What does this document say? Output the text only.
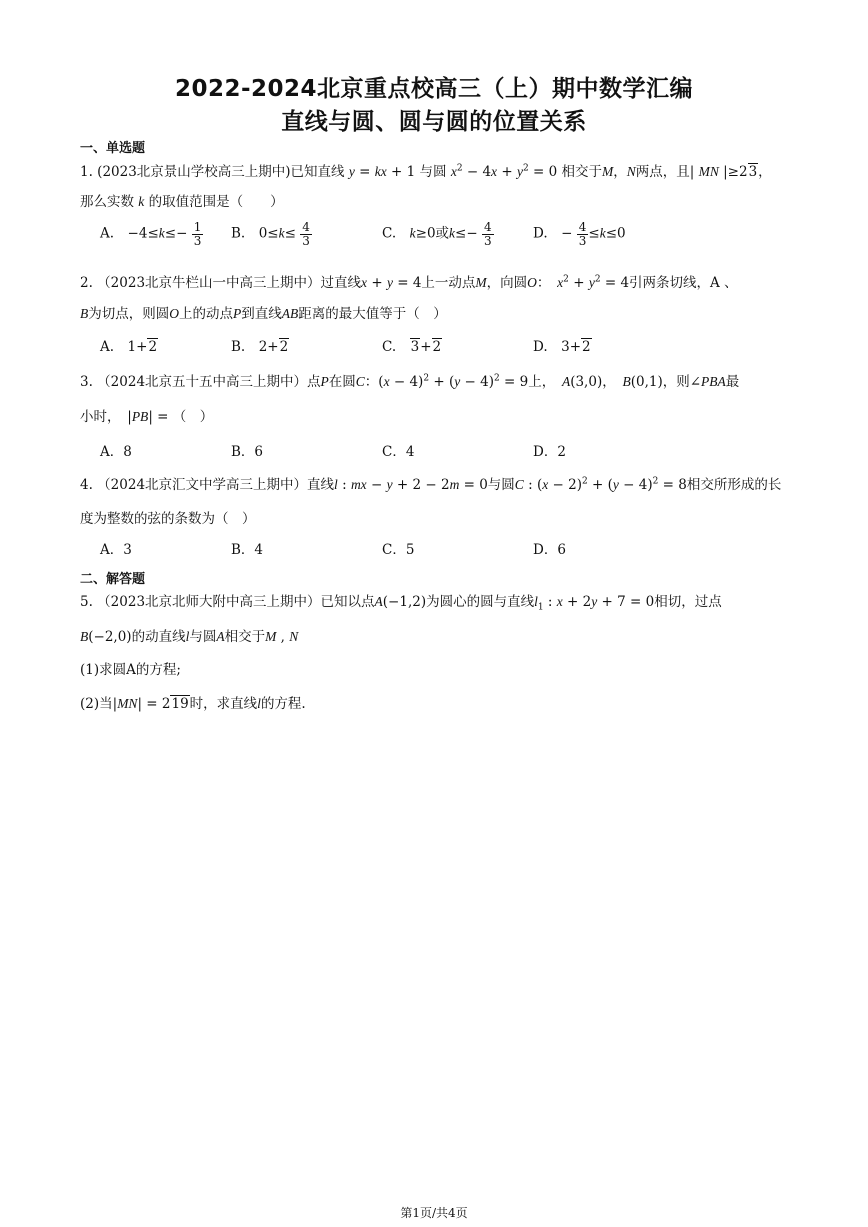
2022-2024北京重点校高三（上）期中数学汇编
直线与圆、圆与圆的位置关系
一、单选题
1. (2023北京景山学校高三上期中)已知直线 y = kx + 1 与圆 $x^2 - 4x + y^2 = 0$ 相交于M，N两点，且| MN |≥23，
那么实数 k 的取值范围是（　　）
A.　$-4\le k\le- \frac{1}{3} B$.　$0\le k\le \frac{4}{3}$	C.　 k≥0或$k\le- \frac{4}{3}$	D.　− $\frac{4}{3} \le k\le 0$
2. （2023北京牛栏山一中高三上期中）过直线x + y = 4上一动点M，向圆O：　$x^2 + y^2 = 4$引两条切线，A 、
B为切点，则圆O上的动点P到直线AB距离的最大值等于（　）
A.　1+2	B.　2+2	C.　 3+2	D.　3+2
3. （2024北京五十五中高三上期中）点P在圆C：$(x - 4)^2 + (y - 4)^2 = 9$上，　 A(3,0)，　B(0,1)，则∠PBA最
小时，　|PB| = （　）
A．8	B．6	C．4	D．2
4. （2024北京汇文中学高三上期中）直线l : mx − y + 2 − 2m = 0与圆C : $(x - 2)^2 + (y - 4)^2 = 8$相交所形成的长
度为整数的弦的条数为（　）
A．3	B．4	C．5	D．6
二、解答题
5. （2023北京北师大附中高三上期中）已知以点A(−1,2)为圆心的圆与直线$l_1$ : x + 2y + 7 = 0相切，过点
B(−2,0)的动直线l与圆A相交于M , N
(1)求圆A的方程;
(2)当|MN| = 219时，求直线l的方程.
第1页/共4页
